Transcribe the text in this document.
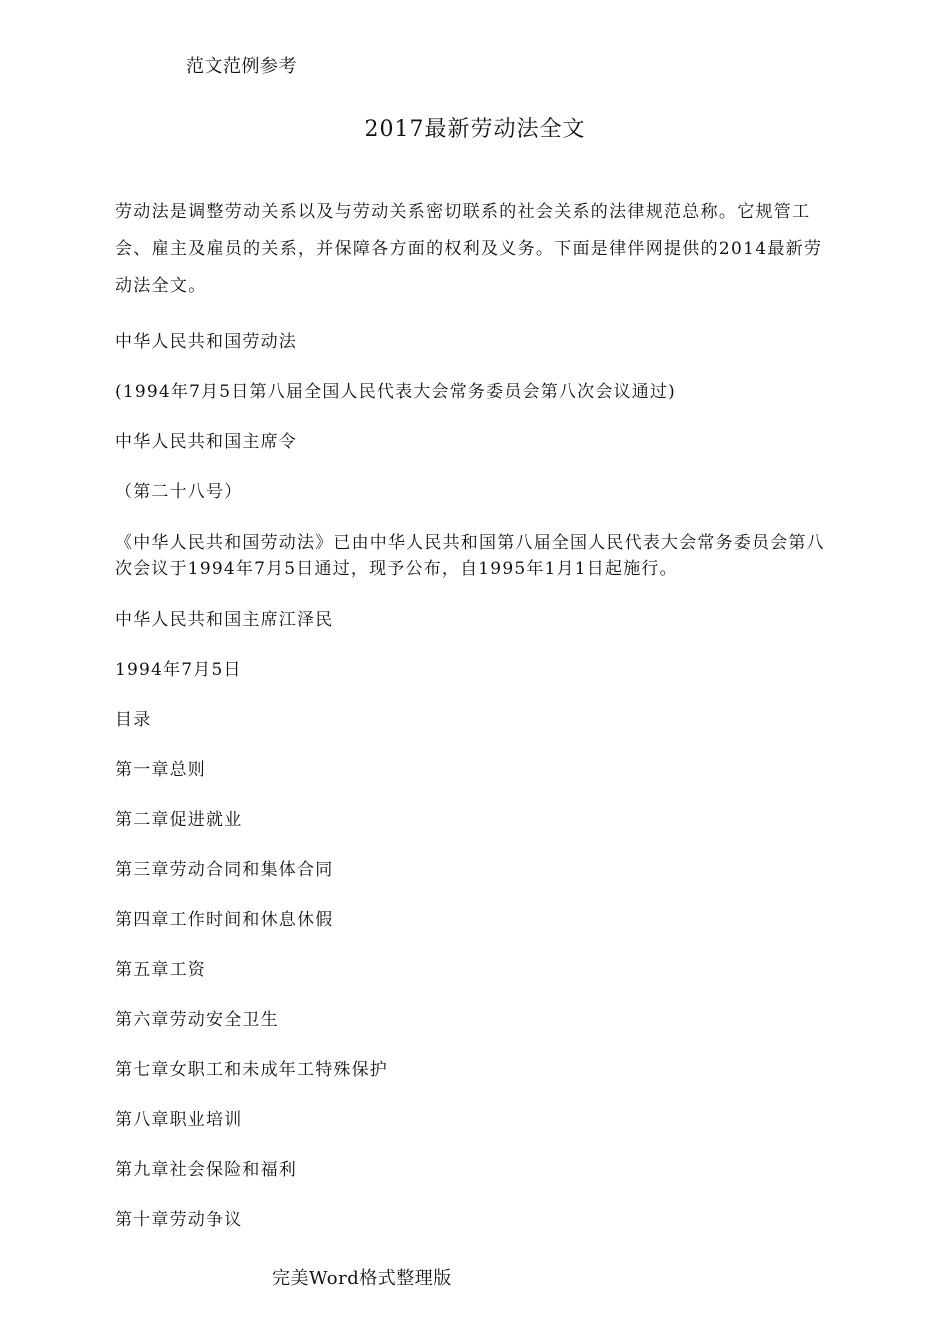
范文范例参考
2017最新劳动法全文

劳动法是调整劳动关系以及与劳动关系密切联系的社会关系的法律规范总称。它规管工会、雇主及雇员的关系，并保障各方面的权利及义务。下面是律伴网提供的2014最新劳动法全文。

中华人民共和国劳动法

(1994年7月5日第八届全国人民代表大会常务委员会第八次会议通过)

中华人民共和国主席令

（第二十八号）

《中华人民共和国劳动法》已由中华人民共和国第八届全国人民代表大会常务委员会第八次会议于1994年7月5日通过，现予公布，自1995年1月1日起施行。

中华人民共和国主席江泽民

1994年7月5日

目录

第一章总则

第二章促进就业

第三章劳动合同和集体合同

第四章工作时间和休息休假

第五章工资

第六章劳动安全卫生

第七章女职工和未成年工特殊保护

第八章职业培训

第九章社会保险和福利

第十章劳动争议

完美Word格式整理版
